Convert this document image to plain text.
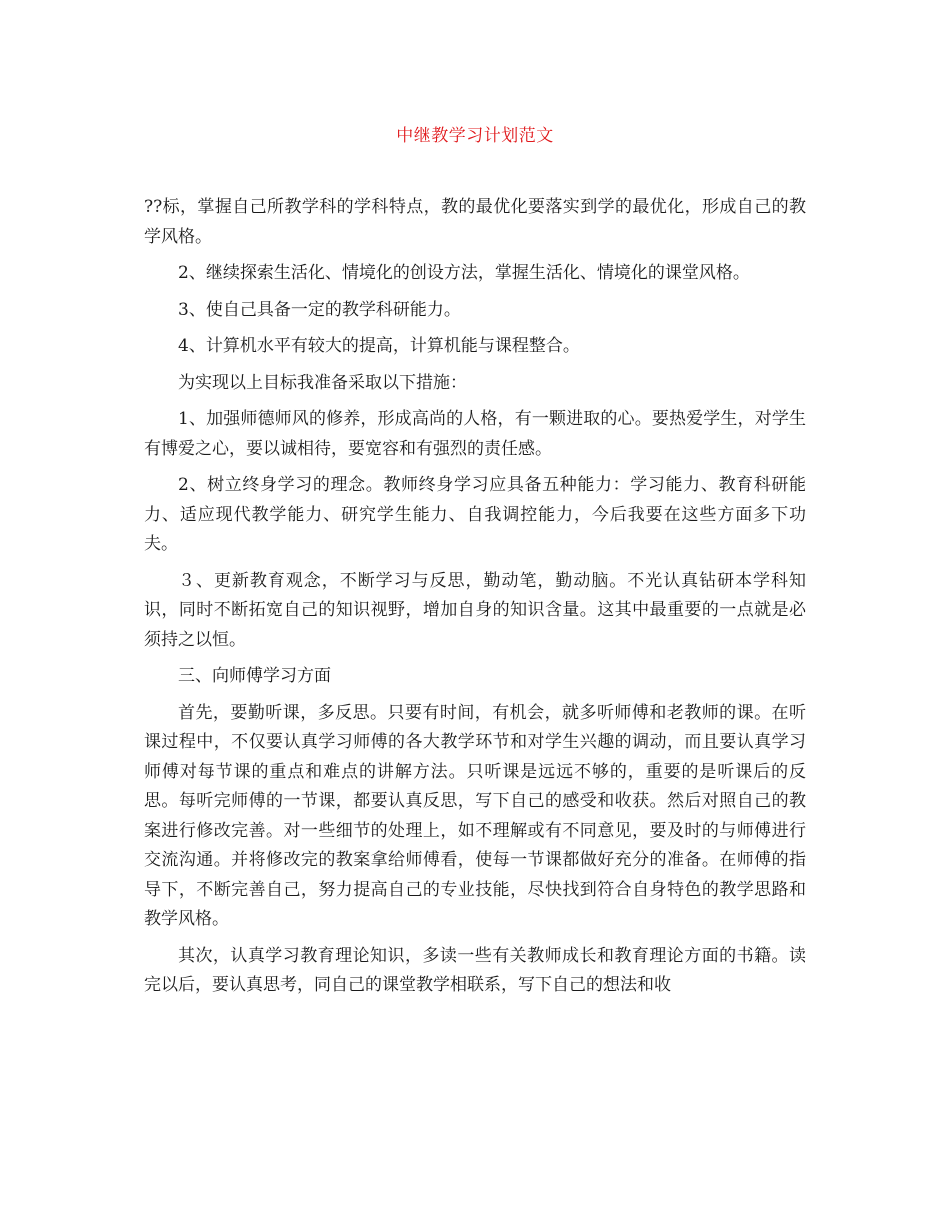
中继教学习计划范文

??标，掌握自己所教学科的学科特点，教的最优化要落实到学的最优化，形成自己的教学风格。

2、继续探索生活化、情境化的创设方法，掌握生活化、情境化的课堂风格。

3、使自己具备一定的教学科研能力。

4、计算机水平有较大的提高，计算机能与课程整合。

为实现以上目标我准备采取以下措施：

1、加强师德师风的修养，形成高尚的人格，有一颗进取的心。要热爱学生，对学生有博爱之心，要以诚相待，要宽容和有强烈的责任感。

2、树立终身学习的理念。教师终身学习应具备五种能力：学习能力、教育科研能力、适应现代教学能力、研究学生能力、自我调控能力，今后我要在这些方面多下功夫。

３、更新教育观念，不断学习与反思，勤动笔，勤动脑。不光认真钻研本学科知识，同时不断拓宽自己的知识视野，增加自身的知识含量。这其中最重要的一点就是必须持之以恒。

三、向师傅学习方面

首先，要勤听课，多反思。只要有时间，有机会，就多听师傅和老教师的课。在听课过程中，不仅要认真学习师傅的各大教学环节和对学生兴趣的调动，而且要认真学习师傅对每节课的重点和难点的讲解方法。只听课是远远不够的，重要的是听课后的反思。每听完师傅的一节课，都要认真反思，写下自己的感受和收获。然后对照自己的教案进行修改完善。对一些细节的处理上，如不理解或有不同意见，要及时的与师傅进行交流沟通。并将修改完的教案拿给师傅看，使每一节课都做好充分的准备。在师傅的指导下，不断完善自己，努力提高自己的专业技能，尽快找到符合自身特色的教学思路和教学风格。

其次，认真学习教育理论知识，多读一些有关教师成长和教育理论方面的书籍。读完以后，要认真思考，同自己的课堂教学相联系，写下自己的想法和收
